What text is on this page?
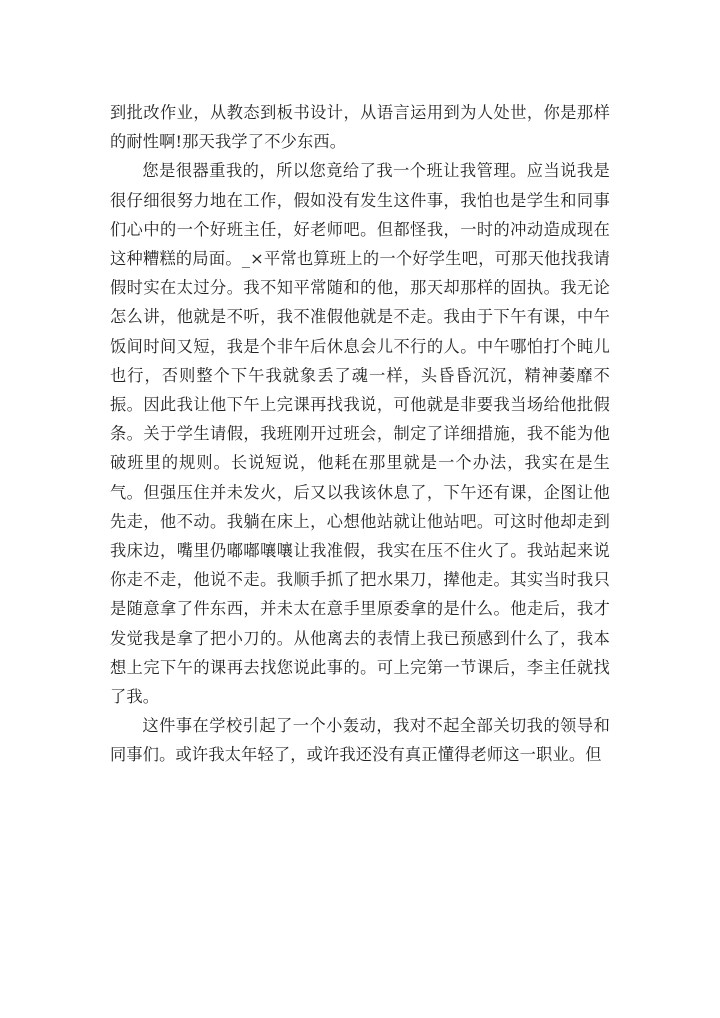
到批改作业，从教态到板书设计，从语言运用到为人处世，你是那样的耐性啊!那天我学了不少东西。

您是很器重我的，所以您竟给了我一个班让我管理。应当说我是很仔细很努力地在工作，假如没有发生这件事，我怕也是学生和同事们心中的一个好班主任，好老师吧。但都怪我，一时的冲动造成现在这种糟糕的局面。_×平常也算班上的一个好学生吧，可那天他找我请假时实在太过分。我不知平常随和的他，那天却那样的固执。我无论怎么讲，他就是不听，我不准假他就是不走。我由于下午有课，中午饭间时间又短，我是个非午后休息会儿不行的人。中午哪怕打个盹儿也行，否则整个下午我就象丢了魂一样，头昏昏沉沉，精神萎靡不振。因此我让他下午上完课再找我说，可他就是非要我当场给他批假条。关于学生请假，我班刚开过班会，制定了详细措施，我不能为他破班里的规则。长说短说，他耗在那里就是一个办法，我实在是生气。但强压住并未发火，后又以我该休息了，下午还有课，企图让他先走，他不动。我躺在床上，心想他站就让他站吧。可这时他却走到我床边，嘴里仍嘟嘟嚷嚷让我准假，我实在压不住火了。我站起来说你走不走，他说不走。我顺手抓了把水果刀，撵他走。其实当时我只是随意拿了件东西，并未太在意手里原委拿的是什么。他走后，我才发觉我是拿了把小刀的。从他离去的表情上我已预感到什么了，我本想上完下午的课再去找您说此事的。可上完第一节课后，李主任就找了我。

这件事在学校引起了一个小轰动，我对不起全部关切我的领导和同事们。或许我太年轻了，或许我还没有真正懂得老师这一职业。但
